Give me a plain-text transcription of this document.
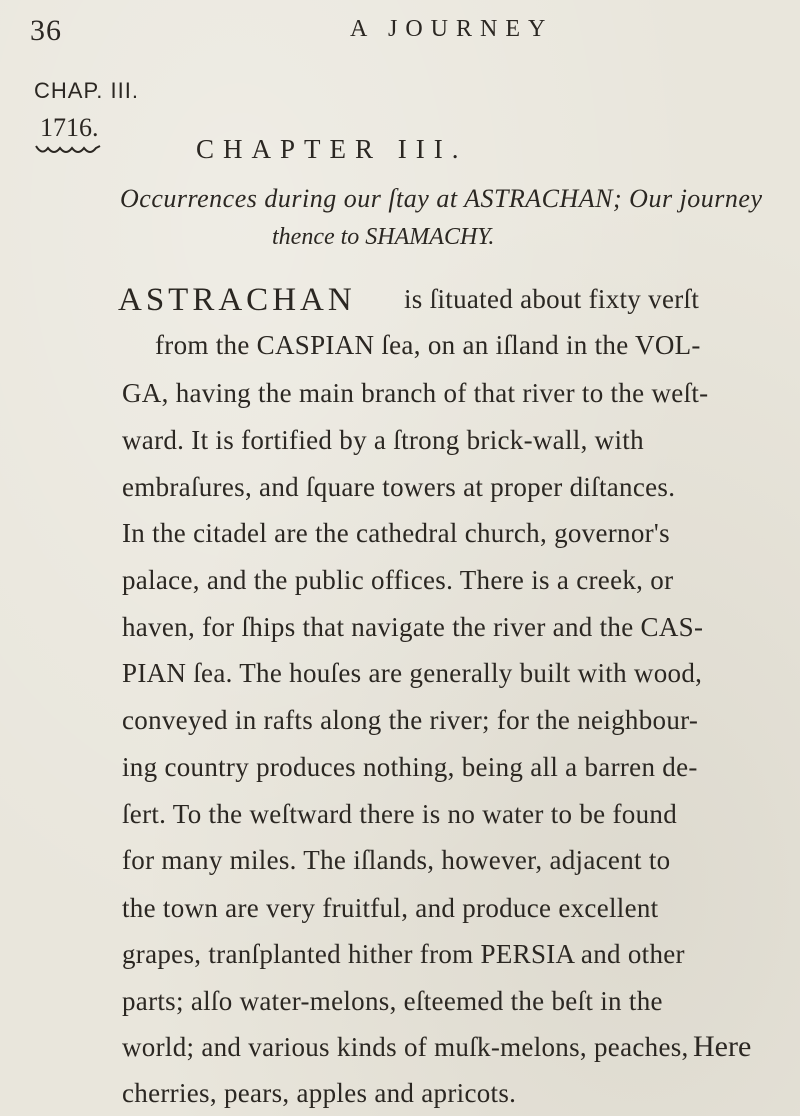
36	A JOURNEY
CHAP. III.
1716.
CHAPTER III.
Occurrences during our ſtay at ASTRACHAN; Our journey
thence to SHAMACHY.
ASTRACHAN is ſituated about fixty verſt
from the CASPIAN ſea, on an iſland in the VOL-
GA, having the main branch of that river to the weſt-
ward. It is fortified by a ſtrong brick-wall, with
embraſures, and ſquare towers at proper diſtances.
In the citadel are the cathedral church, governor's
palace, and the public offices. There is a creek, or
haven, for ſhips that navigate the river and the CAS-
PIAN ſea. The houſes are generally built with wood,
conveyed in rafts along the river; for the neighbour-
ing country produces nothing, being all a barren de-
ſert. To the weſtward there is no water to be found
for many miles. The iſlands, however, adjacent to
the town are very fruitful, and produce excellent
grapes, tranſplanted hither from PERSIA and other
parts; alſo water-melons, eſteemed the beſt in the
world; and various kinds of muſk-melons, peaches,
cherries, pears, apples and apricots.
Here
